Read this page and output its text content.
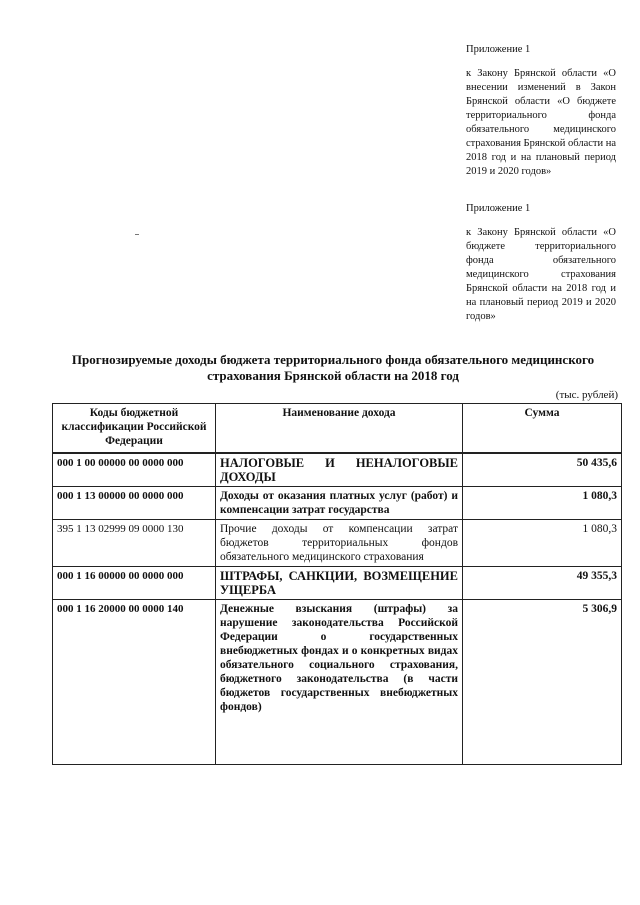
Приложение 1
к Закону Брянской области «О внесении изменений в Закон Брянской области «О бюджете территориального фонда обязательного медицинского страхования Брянской области на 2018 год и на плановый период 2019 и 2020 годов»
Приложение 1
к Закону Брянской области «О бюджете территориального фонда обязательного медицинского страхования Брянской области на 2018 год и на плановый период 2019 и 2020 годов»
Прогнозируемые доходы бюджета территориального фонда обязательного медицинского страхования Брянской области на 2018 год
(тыс. рублей)
Коды бюджетной классификации Российской Федерации	Наименование дохода	Сумма
000 1 00 00000 00 0000 000	НАЛОГОВЫЕ И НЕНАЛОГОВЫЕ ДОХОДЫ	50 435,6
000 1 13 00000 00 0000 000	Доходы от оказания платных услуг (работ) и компенсации затрат государства	1 080,3
395 1 13 02999 09 0000 130	Прочие доходы от компенсации затрат бюджетов территориальных фондов обязательного медицинского страхования	1 080,3
000 1 16 00000 00 0000 000	ШТРАФЫ, САНКЦИИ, ВОЗМЕЩЕНИЕ УЩЕРБА	49 355,3
000 1 16 20000 00 0000 140	Денежные взыскания (штрафы) за нарушение законодательства Российской Федерации о государственных внебюджетных фондах и о конкретных видах обязательного социального страхования, бюджетного законодательства (в части бюджетов государственных внебюджетных фондов)	5 306,9
